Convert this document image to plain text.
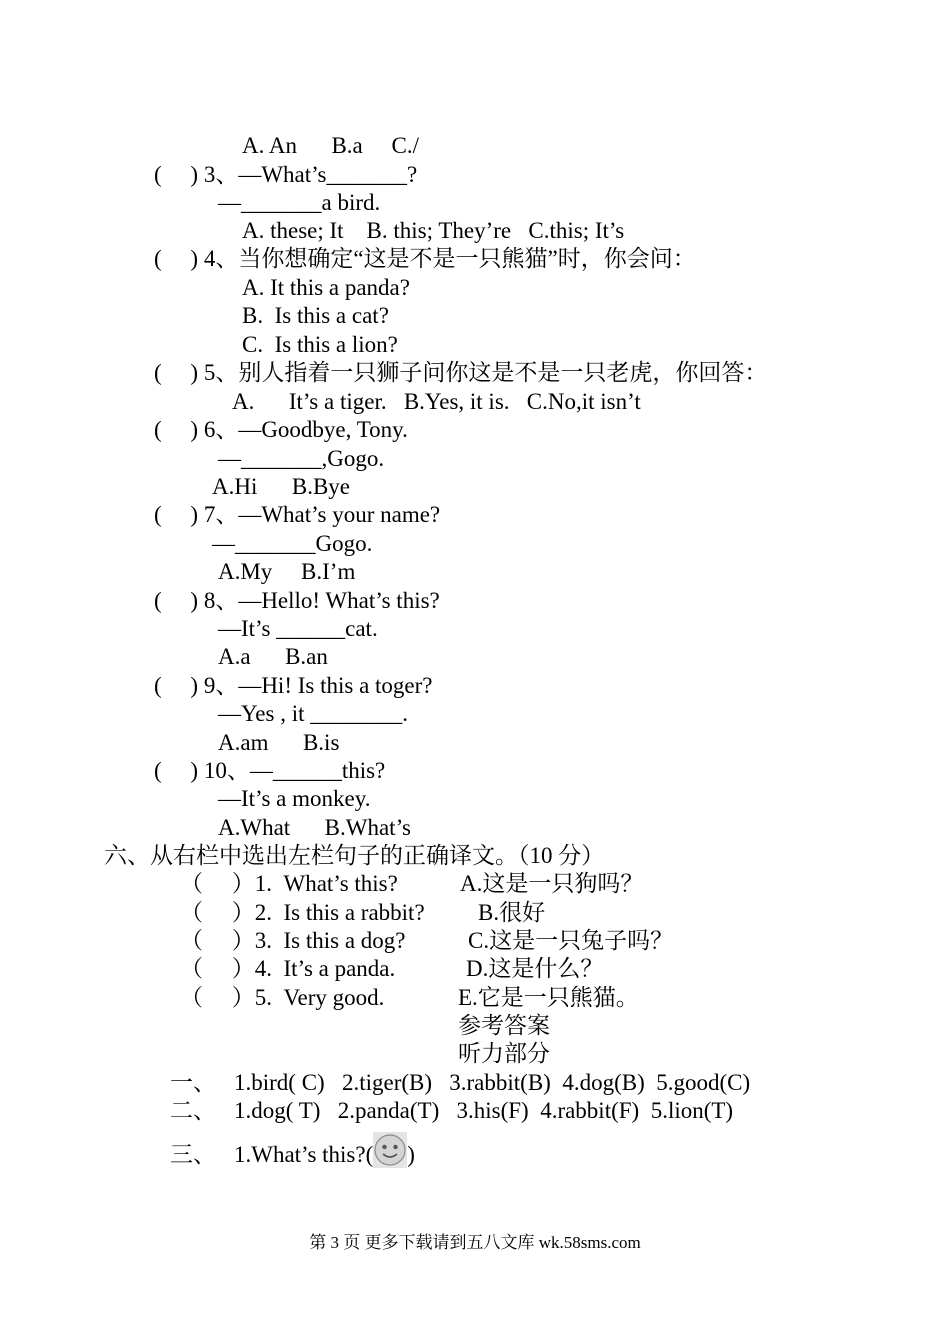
A. An      B.a     C./
(     ) 3、—What’s_______?
—_______a bird.
A. these; It    B. this; They’re   C.this; It’s
(     ) 4、当你想确定“这是不是一只熊猫”时，你会问：
A. It this a panda?
B.  Is this a cat?
C.  Is this a lion?
(     ) 5、别人指着一只狮子问你这是不是一只老虎，你回答：
A.      It’s a tiger.   B.Yes, it is.   C.No,it isn’t
(     ) 6、—Goodbye, Tony.
—_______,Gogo.
A.Hi      B.Bye
(     ) 7、—What’s your name?
—_______Gogo.
A.My     B.I’m
(     ) 8、—Hello! What’s this?
—It’s ______cat.
A.a      B.an
(     ) 9、—Hi! Is this a toger?
—Yes , it ________.
A.am      B.is
(     ) 10、—______this?
—It’s a monkey.
A.What      B.What’s
六、从右栏中选出左栏句子的正确译文。（10 分）
（     ）1.  What’s this?	A.这是一只狗吗？
（     ）2.  Is this a rabbit? B.很好
（     ）3.  Is this a dog?	C.这是一只兔子吗？
（     ）4.  It’s a panda.	D.这是什么？
（     ）5.  Very good.	E.它是一只熊猫。
参考答案
听力部分
一、 1.bird( C)   2.tiger(B)   3.rabbit(B)  4.dog(B)  5.good(C)
二、 1.dog( T)   2.panda(T)   3.his(F)  4.rabbit(F)  5.lion(T)
三、 1.What’s this?( )
第 3 页 更多下载请到五八文库 wk.58sms.com
